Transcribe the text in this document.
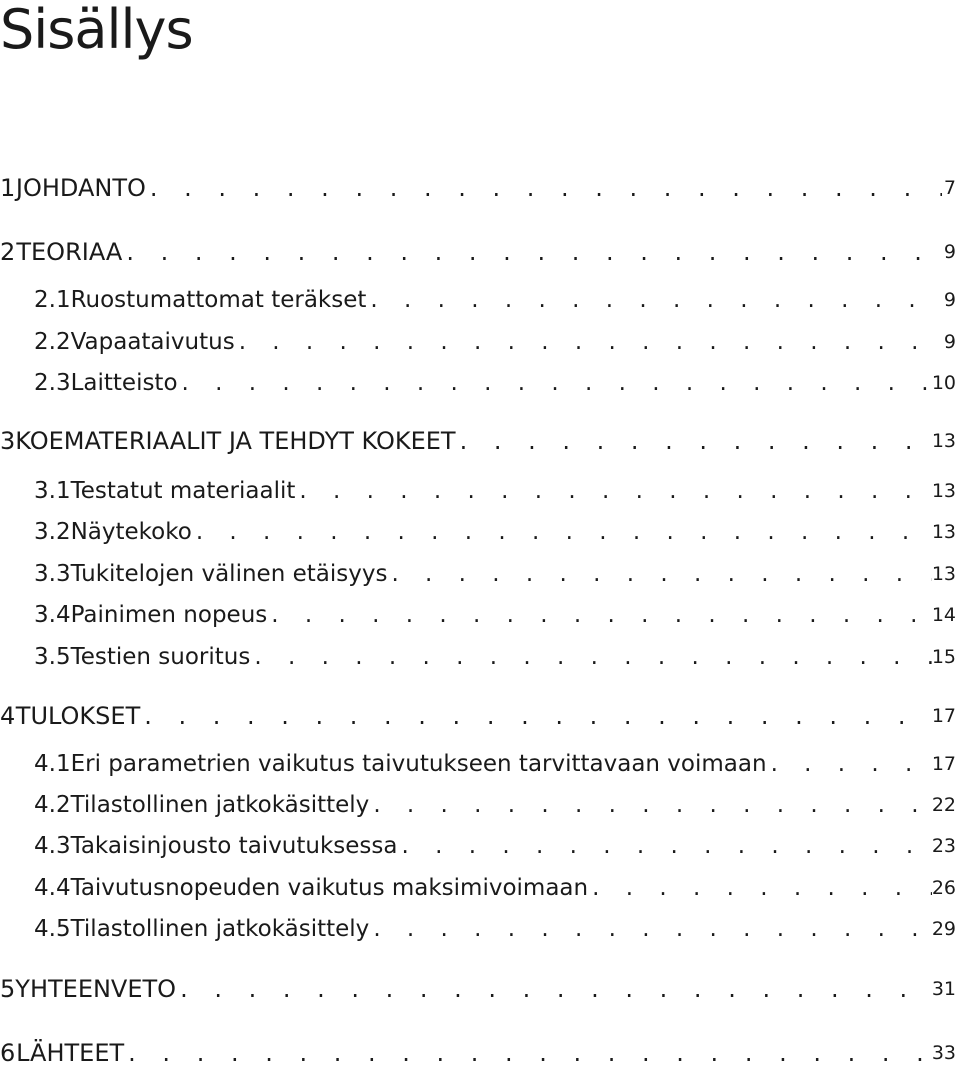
Sisällys
1 JOHDANTO . . .	7
2 TEORIAA . . .	9
2.1 Ruostumattomat teräkset . . .	9
2.2 Vapaataivutus . . .	9
2.3 Laitteisto . . .	10
3 KOEMATERIAALIT JA TEHDYT KOKEET . . .	13
3.1 Testatut materiaalit . . .	13
3.2 Näytekoko . . .	13
3.3 Tukitelojen välinen etäisyys . . .	13
3.4 Painimen nopeus . . .	14
3.5 Testien suoritus . . .	15
4 TULOKSET . . .	17
4.1 Eri parametrien vaikutus taivutukseen tarvittavaan voimaan . . .	17
4.2 Tilastollinen jatkokäsittely . . .	22
4.3 Takaisinjousto taivutuksessa . . .	23
4.4 Taivutusnopeuden vaikutus maksimivoimaan . . .	26
4.5 Tilastollinen jatkokäsittely . . .	29
5 YHTEENVETO . . .	31
6 LÄHTEET . . .	33
